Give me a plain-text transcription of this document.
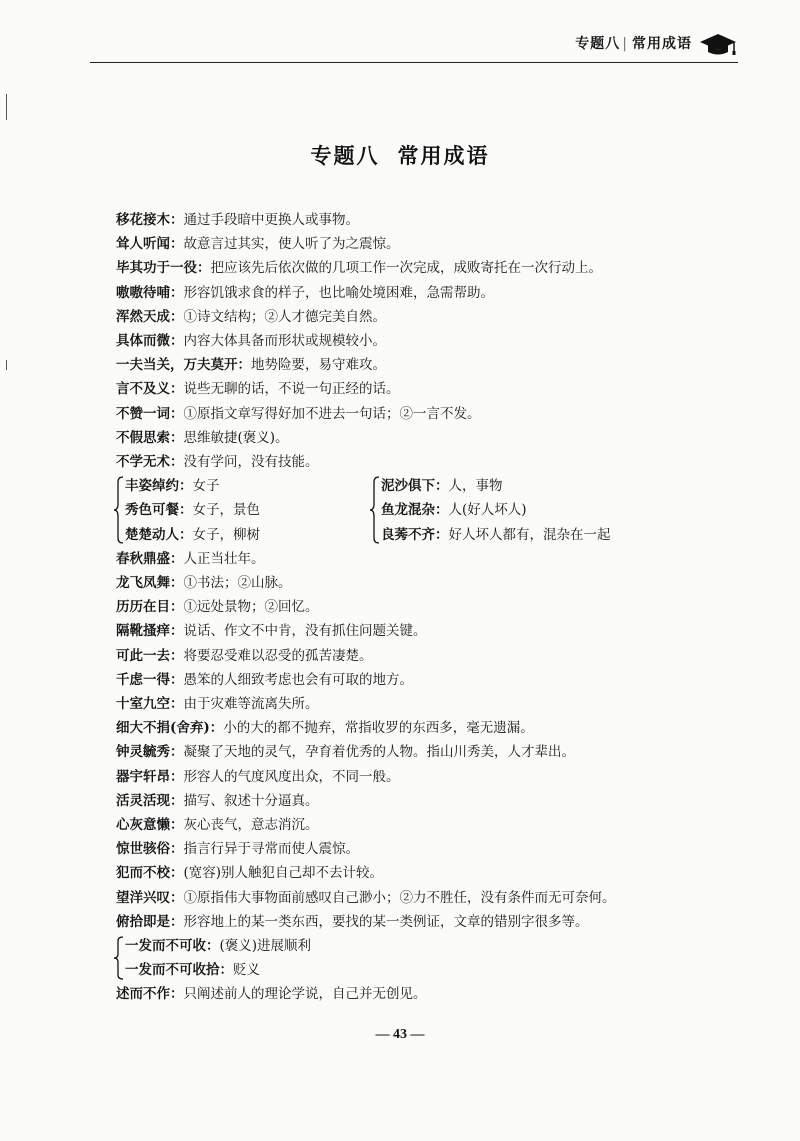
专题八 | 常用成语
专题八 常用成语
移花接木：通过手段暗中更换人或事物。
耸人听闻：故意言过其实，使人听了为之震惊。
毕其功于一役：把应该先后依次做的几项工作一次完成，成败寄托在一次行动上。
嗷嗷待哺：形容饥饿求食的样子，也比喻处境困难，急需帮助。
浑然天成：①诗文结构；②人才德完美自然。
具体而微：内容大体具备而形状或规模较小。
一夫当关，万夫莫开：地势险要，易守难攻。
言不及义：说些无聊的话，不说一句正经的话。
不赞一词：①原指文章写得好加不进去一句话；②一言不发。
不假思索：思维敏捷(褒义)。
不学无术：没有学问，没有技能。
丰姿绰约：女子
秀色可餐：女子，景色
楚楚动人：女子，柳树
泥沙俱下：人，事物
鱼龙混杂：人(好人坏人)
良莠不齐：好人坏人都有，混杂在一起
春秋鼎盛：人正当壮年。
龙飞凤舞：①书法；②山脉。
历历在目：①远处景物；②回忆。
隔靴搔痒：说话、作文不中肯，没有抓住问题关键。
可此一去：将要忍受难以忍受的孤苦凄楚。
千虑一得：愚笨的人细致考虑也会有可取的地方。
十室九空：由于灾难等流离失所。
细大不捐(舍弃)：小的大的都不抛弃，常指收罗的东西多，毫无遗漏。
钟灵毓秀：凝聚了天地的灵气，孕育着优秀的人物。指山川秀美，人才辈出。
器宇轩昂：形容人的气度风度出众，不同一般。
活灵活现：描写、叙述十分逼真。
心灰意懒：灰心丧气，意志消沉。
惊世骇俗：指言行异于寻常而使人震惊。
犯而不校：(宽容)别人触犯自己却不去计较。
望洋兴叹：①原指伟大事物面前感叹自己渺小；②力不胜任，没有条件而无可奈何。
俯拾即是：形容地上的某一类东西，要找的某一类例证，文章的错别字很多等。
一发而不可收：(褒义)进展顺利
一发而不可收拾：贬义
述而不作：只阐述前人的理论学说，自己并无创见。
— 43 —
